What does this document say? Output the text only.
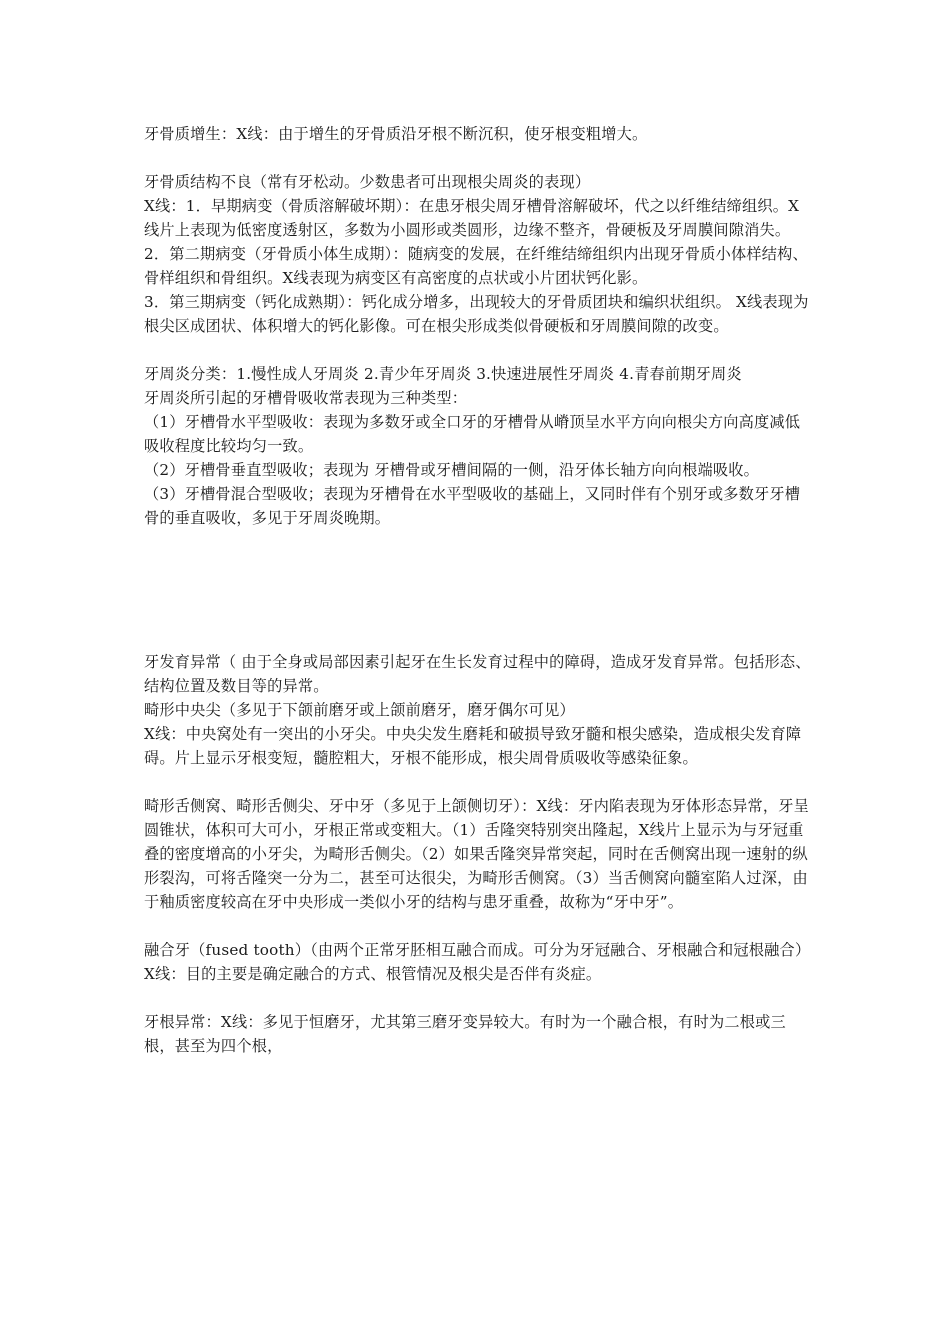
牙骨质增生：X线：由于增生的牙骨质沿牙根不断沉积，使牙根变粗增大。

牙骨质结构不良（常有牙松动。少数患者可出现根尖周炎的表现）

X线：1．早期病变（骨质溶解破坏期）：在患牙根尖周牙槽骨溶解破坏，代之以纤维结缔组织。X线片上表现为低密度透射区，多数为小圆形或类圆形，边缘不整齐，骨硬板及牙周膜间隙消失。

2．第二期病变（牙骨质小体生成期）：随病变的发展，在纤维结缔组织内出现牙骨质小体样结构、骨样组织和骨组织。X线表现为病变区有高密度的点状或小片团状钙化影。

3．第三期病变（钙化成熟期）：钙化成分增多，出现较大的牙骨质团块和编织状组织。 X线表现为根尖区成团状、体积增大的钙化影像。可在根尖形成类似骨硬板和牙周膜间隙的改变。

牙周炎分类：1.慢性成人牙周炎 2.青少年牙周炎 3.快速进展性牙周炎 4.青春前期牙周炎

牙周炎所引起的牙槽骨吸收常表现为三种类型：

（1）牙槽骨水平型吸收：表现为多数牙或全口牙的牙槽骨从嵴顶呈水平方向向根尖方向高度减低吸收程度比较均匀一致。

（2）牙槽骨垂直型吸收；表现为 牙槽骨或牙槽间隔的一侧，沿牙体长轴方向向根端吸收。

（3）牙槽骨混合型吸收；表现为牙槽骨在水平型吸收的基础上，又同时伴有个别牙或多数牙牙槽骨的垂直吸收，多见于牙周炎晚期。

牙发育异常（ 由于全身或局部因素引起牙在生长发育过程中的障碍，造成牙发育异常。包括形态、结构位置及数目等的异常。

畸形中央尖（多见于下颌前磨牙或上颌前磨牙，磨牙偶尔可见）

X线：中央窝处有一突出的小牙尖。中央尖发生磨耗和破损导致牙髓和根尖感染，造成根尖发育障碍。片上显示牙根变短，髓腔粗大，牙根不能形成，根尖周骨质吸收等感染征象。

畸形舌侧窝、畸形舌侧尖、牙中牙（多见于上颌侧切牙）：X线：牙内陷表现为牙体形态异常，牙呈圆锥状，体积可大可小，牙根正常或变粗大。（1）舌隆突特别突出隆起，X线片上显示为与牙冠重叠的密度增高的小牙尖，为畸形舌侧尖。（2）如果舌隆突异常突起，同时在舌侧窝出现一速射的纵形裂沟，可将舌隆突一分为二，甚至可达很尖，为畸形舌侧窝。（3）当舌侧窝向髓室陷人过深，由于釉质密度较高在牙中央形成一类似小牙的结构与患牙重叠，故称为“牙中牙”。

融合牙（fused tooth）（由两个正常牙胚相互融合而成。可分为牙冠融合、牙根融合和冠根融合）

X线：目的主要是确定融合的方式、根管情况及根尖是否伴有炎症。

牙根异常：X线：多见于恒磨牙，尤其第三磨牙变异较大。有时为一个融合根，有时为二根或三根，甚至为四个根，
